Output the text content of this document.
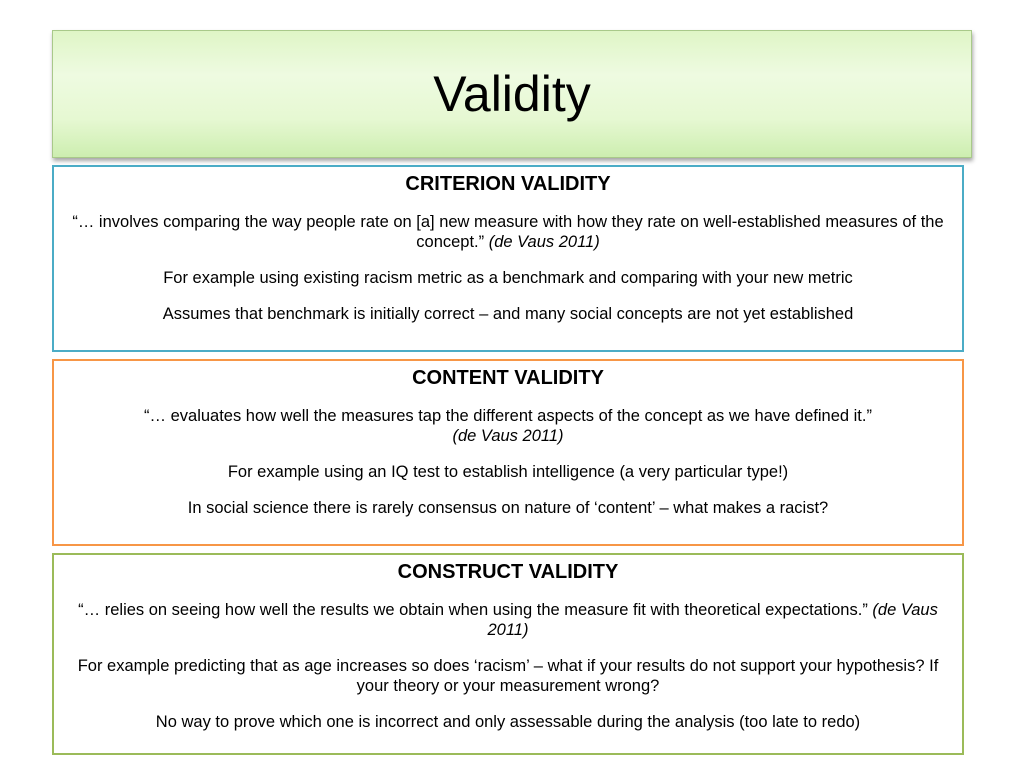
Validity
CRITERION VALIDITY

“… involves comparing the way people rate on [a] new measure with how they rate on well-established measures of the concept.” (de Vaus 2011)

For example using existing racism metric as a benchmark and comparing with your new metric

Assumes that benchmark is initially correct – and many social concepts are not yet established

CONTENT VALIDITY

“… evaluates how well the measures tap the different aspects of the concept as we have defined it.”
(de Vaus 2011)

For example using an IQ test to establish intelligence (a very particular type!)

In social science there is rarely consensus on nature of ‘content’ – what makes a racist?

CONSTRUCT VALIDITY

“… relies on seeing how well the results we obtain when using the measure fit with theoretical expectations.” (de Vaus 2011)

For example predicting that as age increases so does ‘racism’ – what if your results do not support your hypothesis? If your theory or your measurement wrong?

No way to prove which one is incorrect and only assessable during the analysis (too late to redo)
